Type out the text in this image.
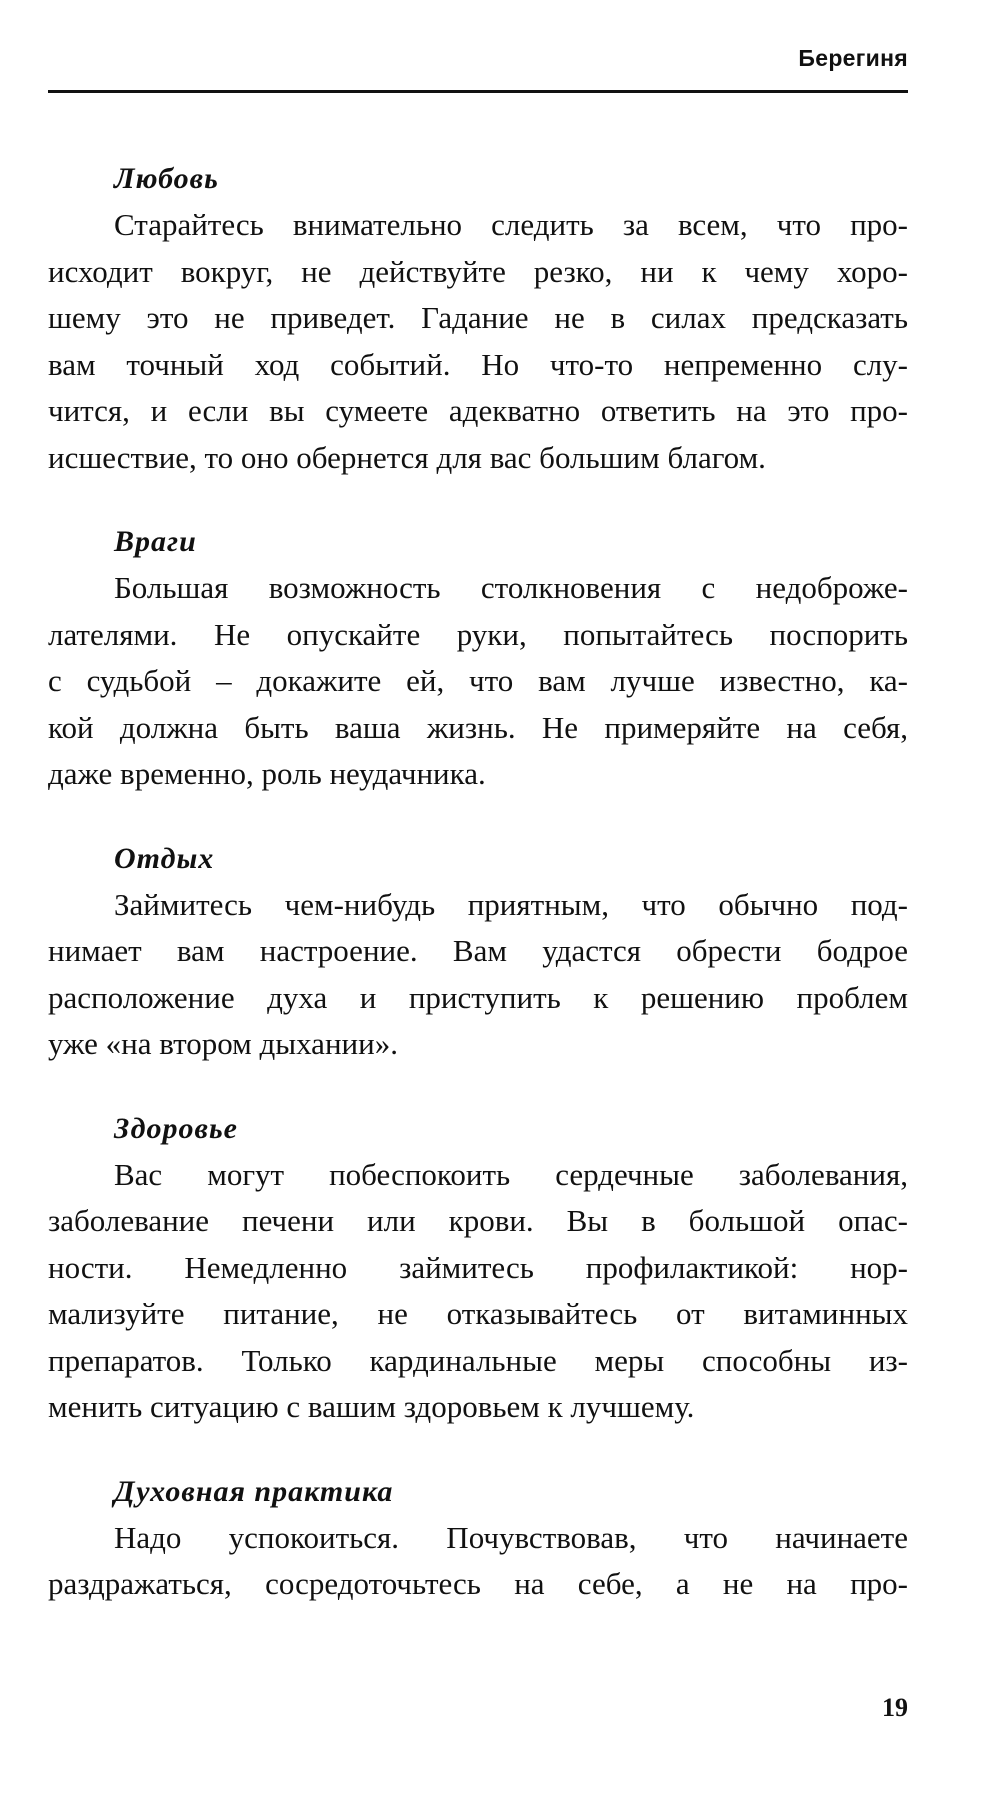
Берегиня
Любовь

Старайтесь внимательно следить за всем, что про-
исходит вокруг, не действуйте резко, ни к чему хоро-
шему это не приведет. Гадание не в силах предсказать
вам точный ход событий. Но что-то непременно слу-
чится, и если вы сумеете адекватно ответить на это про-
исшествие, то оно обернется для вас большим благом.

Враги

Большая возможность столкновения с недоброже-
лателями. Не опускайте руки, попытайтесь поспорить
с судьбой – докажите ей, что вам лучше известно, ка-
кой должна быть ваша жизнь. Не примеряйте на себя,
даже временно, роль неудачника.

Отдых

Займитесь чем-нибудь приятным, что обычно под-
нимает вам настроение. Вам удастся обрести бодрое
расположение духа и приступить к решению проблем
уже «на втором дыхании».

Здоровье

Вас могут побеспокоить сердечные заболевания,
заболевание печени или крови. Вы в большой опас-
ности. Немедленно займитесь профилактикой: нор-
мализуйте питание, не отказывайтесь от витаминных
препаратов. Только кардинальные меры способны из-
менить ситуацию с вашим здоровьем к лучшему.

Духовная практика

Надо успокоиться. Почувствовав, что начинаете
раздражаться, сосредоточьтесь на себе, а не на про-

19
